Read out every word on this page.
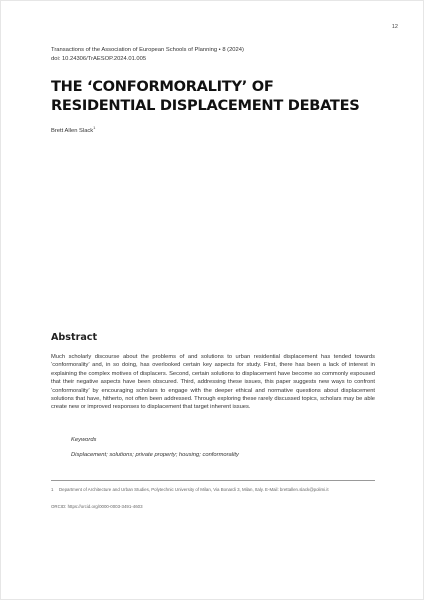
12
Transactions of the Association of European Schools of Planning • 8 (2024)
doi: 10.24306/TrAESOP.2024.01.005
THE ‘CONFORMORALITY’ OF RESIDENTIAL DISPLACEMENT DEBATES
Brett Allen Slack$^1$
Abstract

Much scholarly discourse about the problems of and solutions to urban residential displacement has tended towards ‘conformorality’ and, in so doing, has overlooked certain key aspects for study. First, there has been a lack of interest in explaining the complex motives of displacers. Second, certain solutions to displacement have become so commonly espoused that their negative aspects have been obscured. Third, addressing these issues, this paper suggests new ways to confront ‘conformorality’ by encouraging scholars to engage with the deeper ethical and normative questions about displacement solutions that have, hitherto, not often been addressed. Through exploring these rarely discussed topics, scholars may be able create new or improved responses to displacement that target inherent issues.

Keywords
Displacement; solutions; private property; housing; conformorality
1 Department of Architecture and Urban Studies, Polytechnic University of Milan, Via Bonardi 3, Milan, Italy. E-Mail: brettallen.slack@polimi.it
ORCID: https://orcid.org/0000-0003-3491-4603
